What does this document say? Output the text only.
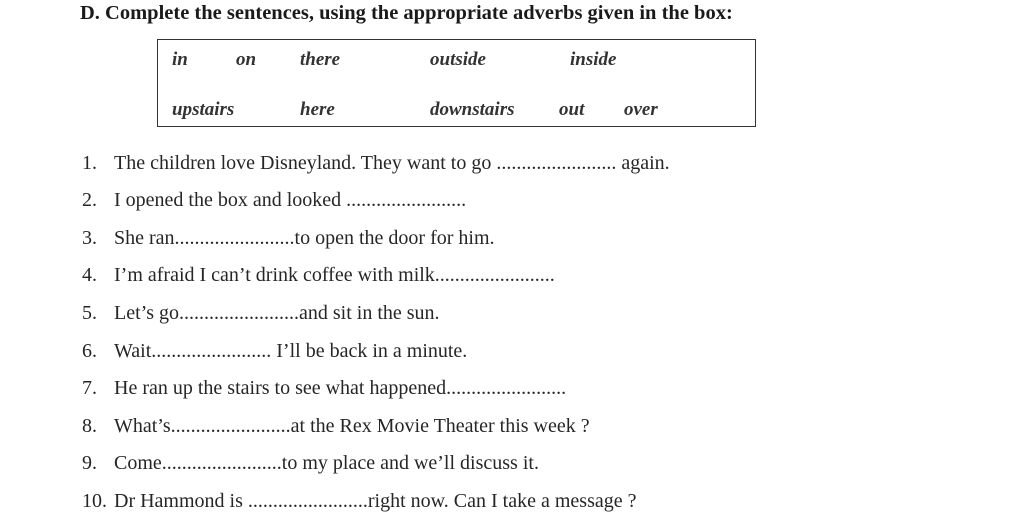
D. Complete the sentences, using the appropriate adverbs given in the box:
in	on there	outside	inside
upstairs	here	downstairs out over
1. The children love Disneyland. They want to go ........................ again.
2. I opened the box and looked ........................
3. She ran........................to open the door for him.
4. I’m afraid I can’t drink coffee with milk........................
5. Let’s go........................and sit in the sun.
6. Wait........................ I’ll be back in a minute.
7. He ran up the stairs to see what happened........................
8. What’s........................at the Rex Movie Theater this week ?
9. Come........................to my place and we’ll discuss it.
10. Dr Hammond is ........................right now. Can I take a message ?
